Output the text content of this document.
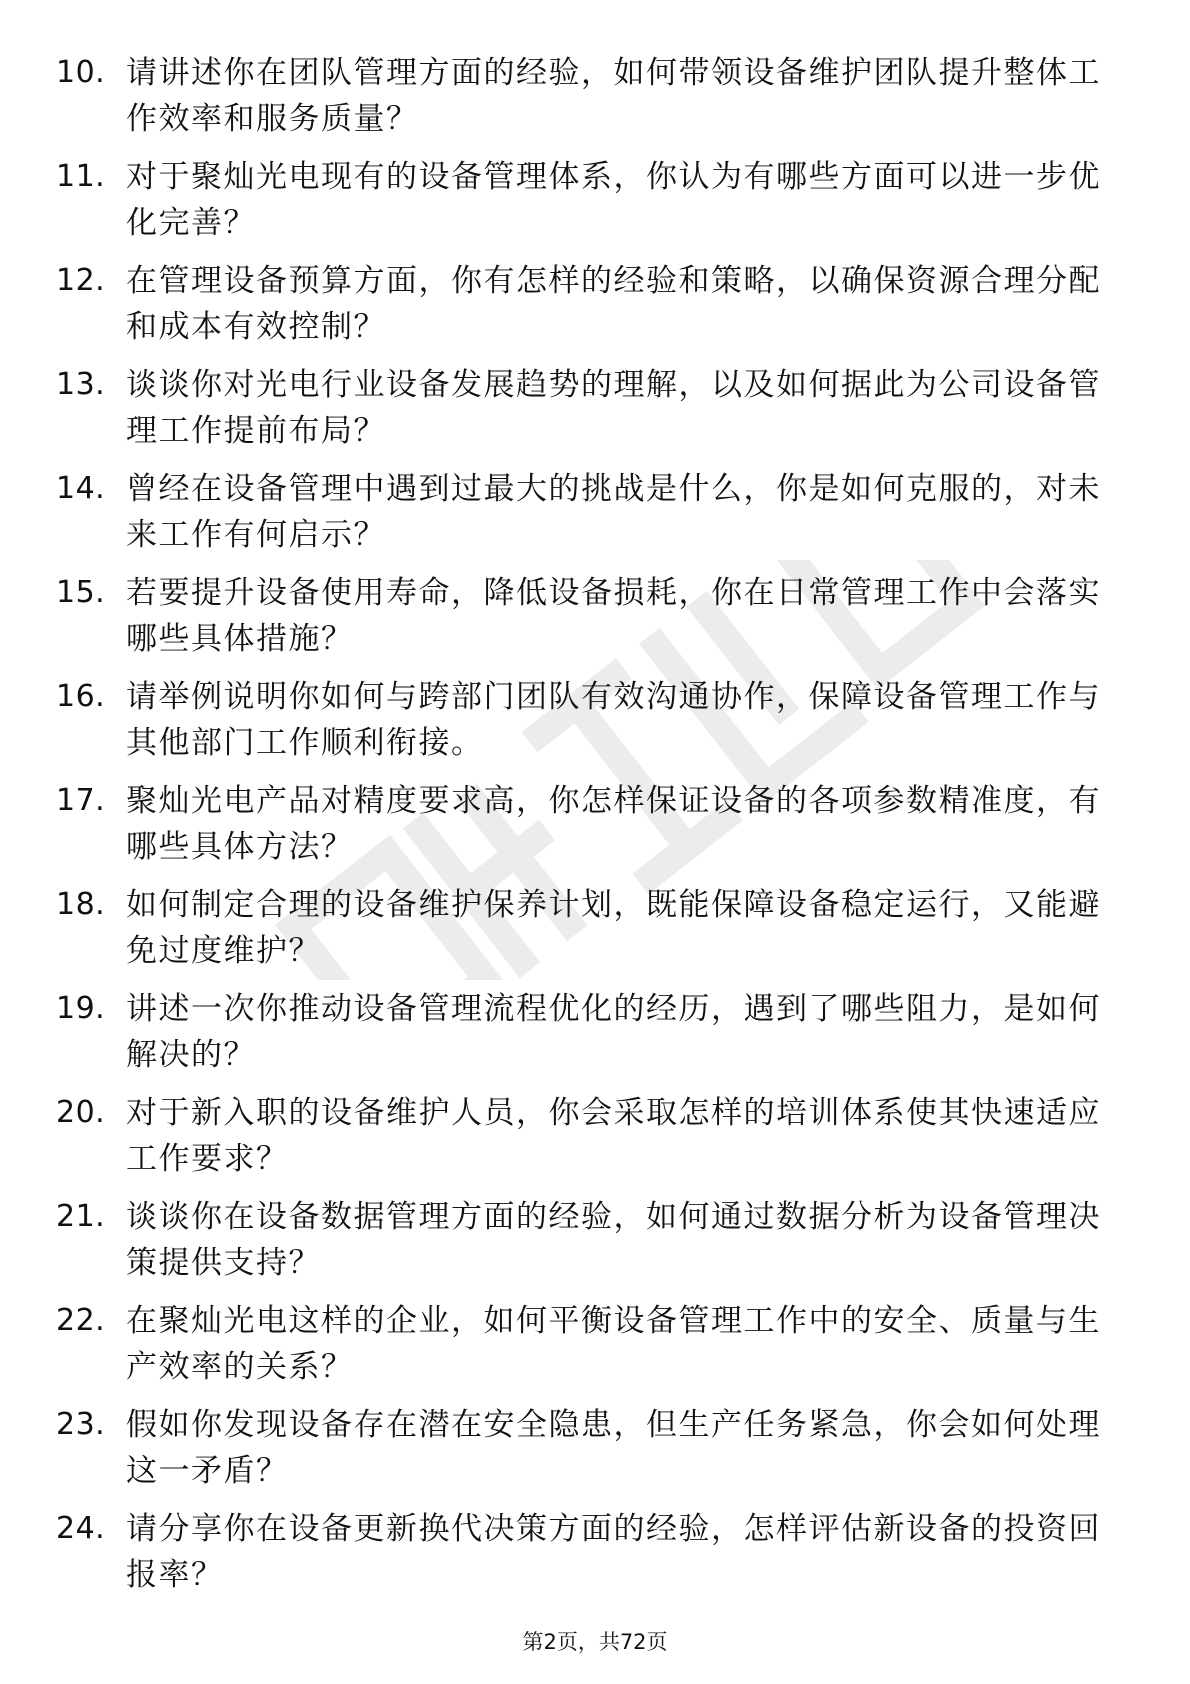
10. 请讲述你在团队管理方面的经验，如何带领设备维护团队提升整体工作效率和服务质量？
11. 对于聚灿光电现有的设备管理体系，你认为有哪些方面可以进一步优化完善？
12. 在管理设备预算方面，你有怎样的经验和策略，以确保资源合理分配和成本有效控制？
13. 谈谈你对光电行业设备发展趋势的理解，以及如何据此为公司设备管理工作提前布局？
14. 曾经在设备管理中遇到过最大的挑战是什么，你是如何克服的，对未来工作有何启示？
15. 若要提升设备使用寿命，降低设备损耗，你在日常管理工作中会落实哪些具体措施？
16. 请举例说明你如何与跨部门团队有效沟通协作，保障设备管理工作与其他部门工作顺利衔接。
17. 聚灿光电产品对精度要求高，你怎样保证设备的各项参数精准度，有哪些具体方法？
18. 如何制定合理的设备维护保养计划，既能保障设备稳定运行，又能避免过度维护？
19. 讲述一次你推动设备管理流程优化的经历，遇到了哪些阻力，是如何解决的？
20. 对于新入职的设备维护人员，你会采取怎样的培训体系使其快速适应工作要求？
21. 谈谈你在设备数据管理方面的经验，如何通过数据分析为设备管理决策提供支持？
22. 在聚灿光电这样的企业，如何平衡设备管理工作中的安全、质量与生产效率的关系？
23. 假如你发现设备存在潜在安全隐患，但生产任务紧急，你会如何处理这一矛盾？
24. 请分享你在设备更新换代决策方面的经验，怎样评估新设备的投资回报率？
第2页，共72页
